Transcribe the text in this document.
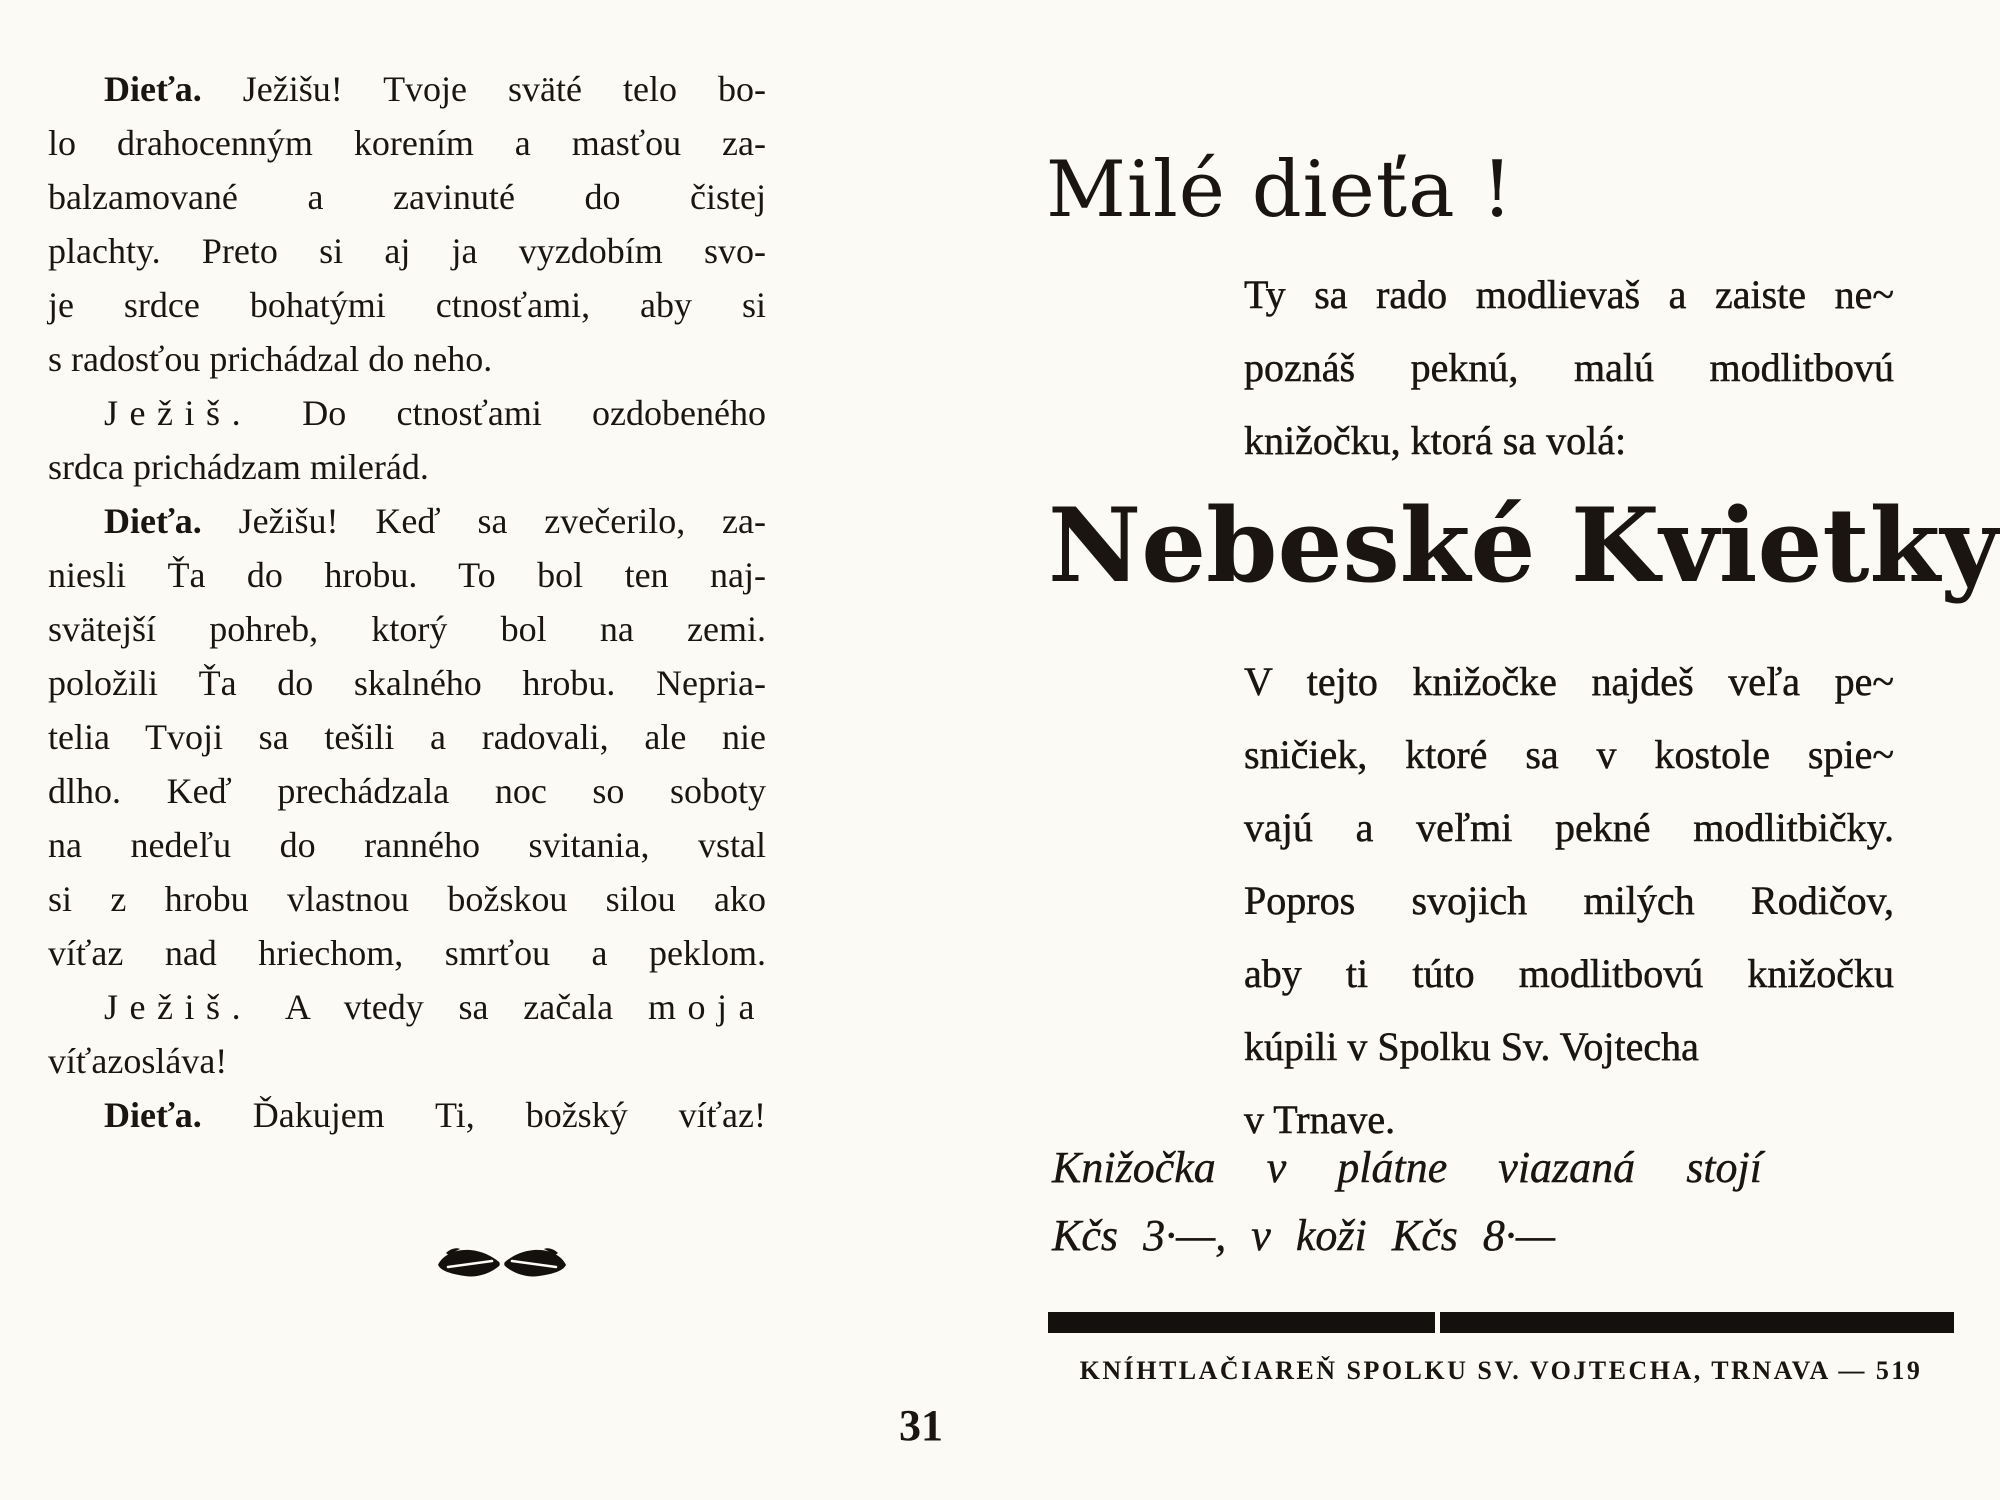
Dieťa. Ježišu! Tvoje sväté telo bo-
lo drahocenným korením a masťou za-
balzamované a zavinuté do čistej
plachty. Preto si aj ja vyzdobím svo-
je srdce bohatými ctnosťami, aby si
s radosťou prichádzal do neho.
Ježiš. Do ctnosťami ozdobeného
srdca prichádzam milerád.
Dieťa. Ježišu! Keď sa zvečerilo, za-
niesli Ťa do hrobu. To bol ten naj-
svätejší pohreb, ktorý bol na zemi.
položili Ťa do skalného hrobu. Nepria-
telia Tvoji sa tešili a radovali, ale nie
dlho. Keď prechádzala noc so soboty
na nedeľu do ranného svitania, vstal
si z hrobu vlastnou božskou silou ako
víťaz nad hriechom, smrťou a peklom.
Ježiš. A vtedy sa začala moja
víťazosláva!
Dieťa. Ďakujem Ti, božský víťaz!
31
Milé dieťa !
Ty sa rado modlievaš a zaiste ne~
poznáš peknú, malú modlitbovú
knižočku, ktorá sa volá:
Nebeské Kvietky
V tejto knižočke najdeš veľa pe~
sničiek, ktoré sa v kostole spie~
vajú a veľmi pekné modlitbičky.
Popros svojich milých Rodičov,
aby ti túto modlitbovú knižočku
kúpili v Spolku Sv. Vojtecha
v Trnave.
Knižočka v plátne viazaná stojí
Kčs 3·—, v koži Kčs 8·—
KNÍHTLAČIAREŇ SPOLKU SV. VOJTECHA, TRNAVA — 519
